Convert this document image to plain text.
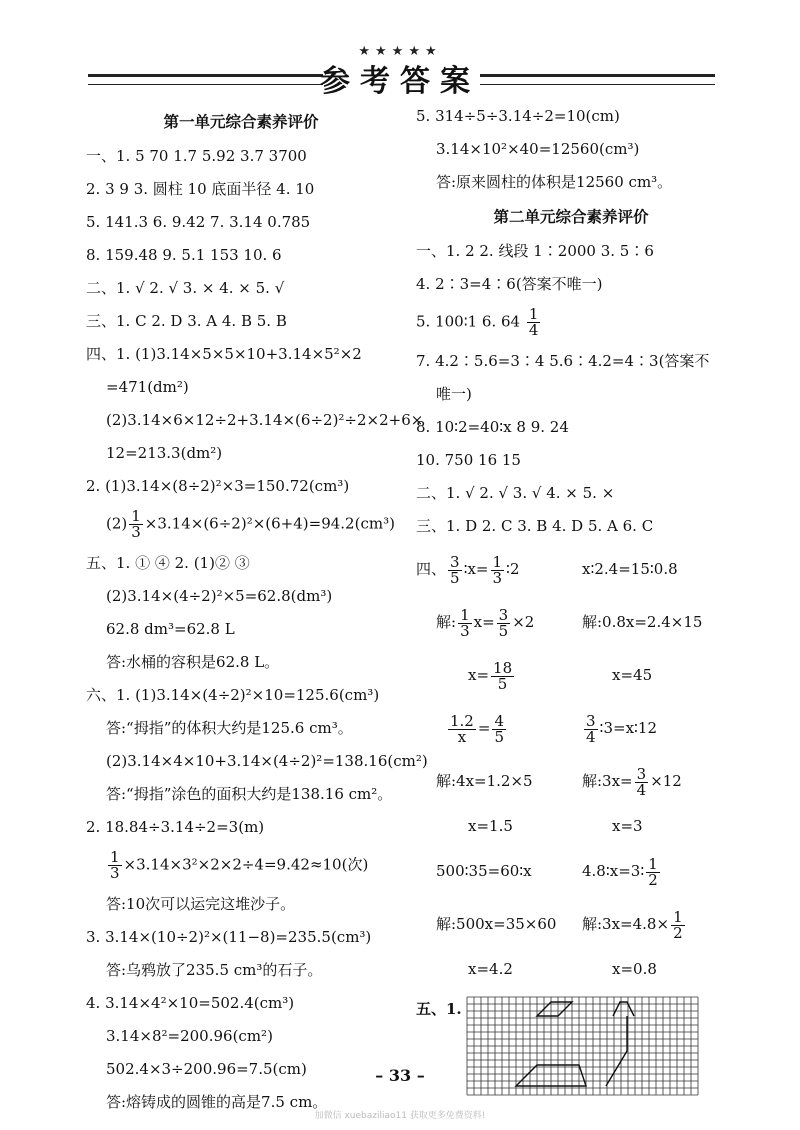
★★★★★
参考答案
第一单元综合素养评价
一、1. 5 70 1.7 5.92 3.7 3700
2. 3 9 3. 圆柱 10 底面半径 4. 10
5. 141.3 6. 9.42 7. 3.14 0.785
8. 159.48 9. 5.1 153 10. 6
二、1. √ 2. √ 3. × 4. × 5. √
三、1. C 2. D 3. A 4. B 5. B
四、1. (1)3.14×5×5×10+3.14×5²×2
=471(dm²)
(2)3.14×6×12÷2+3.14×(6÷2)²÷2×2+6×
12=213.3(dm²)
2. (1)3.14×(8÷2)²×3=150.72(cm³)
$(2) \frac{1}{3} \times 3.14\times(6\div 2)^2\times(6+4)=94.2(cm^3)$
五、1. ① ④ 2. (1)② ③
(2)3.14×(4÷2)²×5=62.8(dm³)
62.8 dm³=62.8 L
答:水桶的容积是62.8 L。
六、1. (1)3.14×(4÷2)²×10=125.6(cm³)
答:“拇指”的体积大约是125.6 cm³。
(2)3.14×4×10+3.14×(4÷2)²=138.16(cm²)
答:“拇指”涂色的面积大约是138.16 cm²。
2. 18.84÷3.14÷2=3(m)
$\frac{1}{3} \times 3.14\times 3^2\times 2\times 2\div 4=9.42\approx 10$(次)
答:10次可以运完这堆沙子。
3. 3.14×(10÷2)²×(11−8)=235.5(cm³)
答:乌鸦放了235.5 cm³的石子。
4. 3.14×4²×10=502.4(cm³)
3.14×8²=200.96(cm²)
502.4×3÷200.96=7.5(cm)
答:熔铸成的圆锥的高是7.5 cm。
5. 314÷5÷3.14÷2=10(cm)
3.14×10²×40=12560(cm³)
答:原来圆柱的体积是12560 cm³。
第二单元综合素养评价
一、1. 2 2. 线段 1∶2000 3. 5∶6
4. 2∶3=4∶6(答案不唯一)
5. 100∶1 6. $64 \frac{1}{4}$
7. 4.2∶5.6=3∶4 5.6∶4.2=4∶3(答案不
唯一)
8. 10∶2=40∶x 8 9. 24
10. 750 16 15
二、1. √ 2. √ 3. √ 4. × 5. ×
三、1. D 2. C 3. B 4. D 5. A 6. C
四、 $\frac{3}{5}$ ∶x= $\frac{1}{3}$ ∶2	x∶2.4=15∶0.8
解: $\frac{1}{3} x= \frac{3}{5} \times 2$	解:0.8x=2.4×15
$x= \frac{18}{5}$	x=45
$\frac{1.2}{x} = \frac{4}{5}$	$\frac{3}{4}$ ∶3=x∶12
解:4x=1.2×5	解:3x= $\frac{3}{4} \times 12$
x=1.5	x=3
500∶35=60∶x	4.8∶x=3∶ $\frac{1}{2}$
解:500x=35×60 解:3x=4.8× $\frac{1}{2}$
x=4.2	x=0.8
五、1.
– 33 –
加微信 xuebaziliao11 获取更多免费资料!
